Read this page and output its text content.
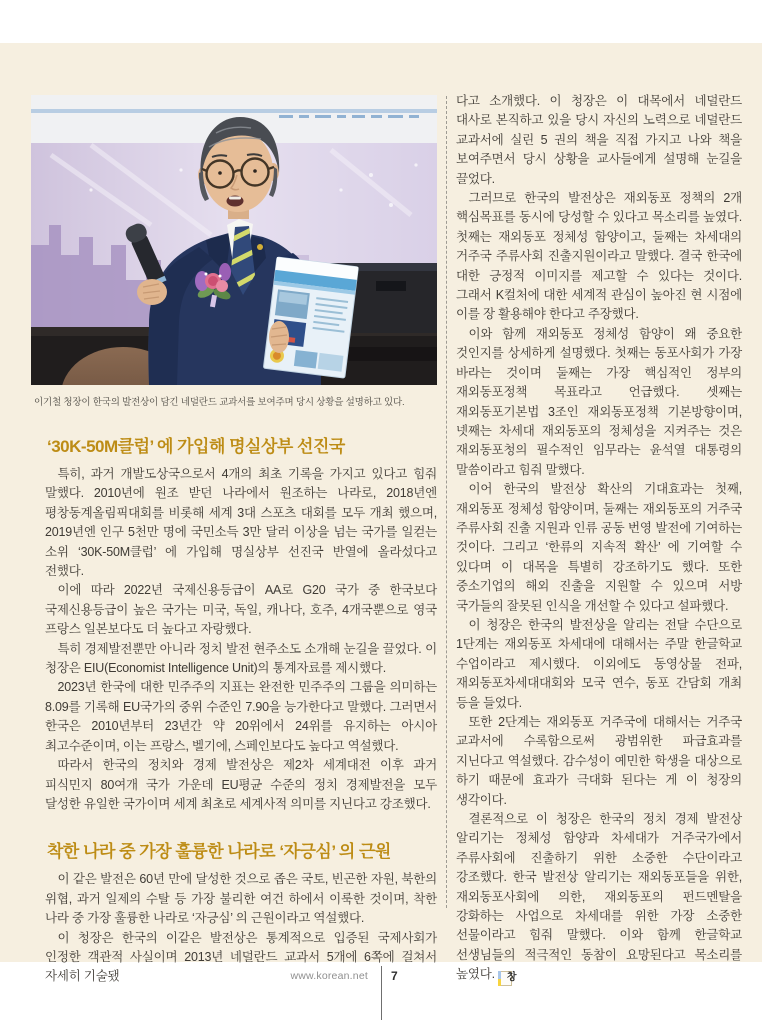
이기철 청장이 한국의 발전상이 담긴 네덜란드 교과서를 보여주며 당시 상황을 설명하고 있다.
‘30K-50M클럽’ 에 가입해 명실상부 선진국

특히, 과거 개발도상국으로서 4개의 최초 기록을 가지고 있다고 힘줘 말했다. 2010년에 원조 받던 나라에서 원조하는 나라로, 2018년엔 평창동계올림픽대회를 비롯해 세계 3대 스포츠 대회를 모두 개최 했으며, 2019년엔 인구 5천만 명에 국민소득 3만 달러 이상을 넘는 국가를 일컫는 소위 ‘30K-50M클럽’ 에 가입해 명실상부 선진국 반열에 올라섰다고 전했다.

이에 따라 2022년 국제신용등급이 AA로 G20 국가 중 한국보다 국제신용등급이 높은 국가는 미국, 독일, 캐나다, 호주, 4개국뿐으로 영국 프랑스 일본보다도 더 높다고 자랑했다.

특히 경제발전뿐만 아니라 정치 발전 현주소도 소개해 눈길을 끌었다. 이 청장은 EIU(Economist Intelligence Unit)의 통계자료를 제시했다.

2023년 한국에 대한 민주주의 지표는 완전한 민주주의 그룹을 의미하는 8.09를 기록해 EU국가의 중위 수준인 7.90을 능가한다고 말했다. 그러면서 한국은 2010년부터 23년간 약 20위에서 24위를 유지하는 아시아 최고수준이며, 이는 프랑스, 벨기에, 스페인보다도 높다고 역설했다.

따라서 한국의 정치와 경제 발전상은 제2차 세계대전 이후 과거 피식민지 80여개 국가 가운데 EU평균 수준의 정치 경제발전을 모두 달성한 유일한 국가이며 세계 최초로 세계사적 의미를 지닌다고 강조했다.

착한 나라 중 가장 훌륭한 나라로 ‘자긍심’ 의 근원

이 같은 발전은 60년 만에 달성한 것으로 좁은 국토, 빈곤한 자원, 북한의 위협, 과거 일제의 수탈 등 가장 불리한 여건 하에서 이룩한 것이며, 착한 나라 중 가장 훌륭한 나라로 ‘자긍심’ 의 근원이라고 역설했다.

이 청장은 한국의 이같은 발전상은 통계적으로 입증된 국제사회가 인정한 객관적 사실이며 2013년 네덜란드 교과서 5개에 6쪽에 걸쳐서 자세히 기술됐

다고 소개했다. 이 청장은 이 대목에서 네덜란드 대사로 본직하고 있을 당시 자신의 노력으로 네덜란드 교과서에 실린 5 권의 책을 직접 가지고 나와 책을 보여주면서 당시 상황을 교사들에게 설명해 눈길을 끌었다.

그러므로 한국의 발전상은 재외동포 정책의 2개 핵심목표를 동시에 당성할 수 있다고 목소리를 높였다. 첫째는 재외동포 정체성 함양이고, 둘째는 차세대의 거주국 주류사회 진출지원이라고 말했다. 결국 한국에 대한 긍정적 이미지를 제고할 수 있다는 것이다. 그래서 K컬처에 대한 세계적 관심이 높아진 현 시점에 이를 장 활용해야 한다고 주장했다.

이와 함께 재외동포 정체성 함양이 왜 중요한 것인지를 상세하게 설명했다. 첫째는 동포사회가 가장 바라는 것이며 둘째는 가장 핵심적인 정부의 재외동포정책 목표라고 언급했다. 셋째는 재외동포기본법 3조인 재외동포정책 기본방향이며, 넷째는 차세대 재외동포의 정체성을 지켜주는 것은 재외동포청의 필수적인 임무라는 윤석열 대통령의 말씀이라고 힘줘 말했다.

이어 한국의 발전상 확산의 기대효과는 첫째, 재외동포 정체성 함양이며, 둘째는 재외동포의 거주국 주류사회 진출 지원과 인류 공동 번영 발전에 기여하는 것이다. 그리고 ‘한류의 지속적 확산’ 에 기여할 수 있다며 이 대목을 특별히 강조하기도 했다. 또한 중소기업의 해외 진출을 지원할 수 있으며 서방 국가들의 잘못된 인식을 개선할 수 있다고 설파했다.

이 청장은 한국의 발전상을 알리는 전달 수단으로 1단계는 재외동포 차세대에 대해서는 주말 한글학교 수업이라고 제시했다. 이외에도 동영상물 전파, 재외동포차세대대회와 모국 연수, 동포 간담회 개최 등을 들었다.

또한 2단계는 재외동포 거주국에 대해서는 거주국 교과서에 수록함으로써 광범위한 파급효과를 지닌다고 역설했다. 감수성이 예민한 학생을 대상으로 하기 때문에 효과가 극대화 된다는 게 이 청장의 생각이다.

결론적으로 이 청장은 한국의 정치 경제 발전상 알리기는 정체성 함양과 차세대가 거주국가에서 주류사회에 진출하기 위한 소중한 수단이라고 강조했다. 한국 발전상 알리기는 재외동포들을 위한, 재외동포사회에 의한, 재외동포의 펀드멘탈을 강화하는 사업으로 차세대를 위한 가장 소중한 선물이라고 힘줘 말했다. 이와 함께 한글학교 선생님들의 적극적인 동참이 요망된다고 목소리를 높였다.	창

www.korean.net 7
